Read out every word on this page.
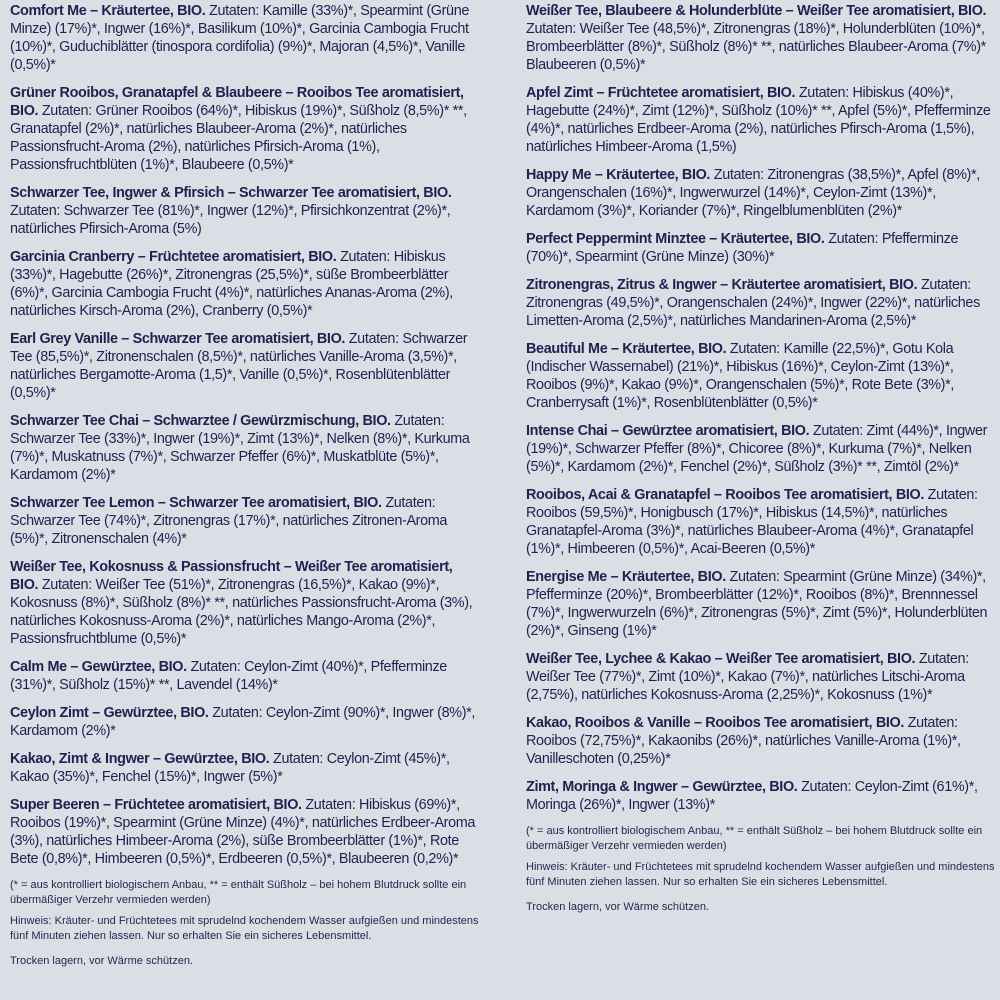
Comfort Me – Kräutertee, BIO. Zutaten: Kamille (33%)*, Spearmint (Grüne Minze) (17%)*, Ingwer (16%)*, Basilikum (10%)*, Garcinia Cambogia Frucht (10%)*, Guduchiblätter (tinospora cordifolia) (9%)*, Majoran (4,5%)*, Vanille (0,5%)*

Grüner Rooibos, Granatapfel & Blaubeere – Rooibos Tee aromatisiert, BIO. Zutaten: Grüner Rooibos (64%)*, Hibiskus (19%)*, Süßholz (8,5%)* **, Granatapfel (2%)*, natürliches Blaubeer-Aroma (2%)*, natürliches Passionsfrucht-Aroma (2%), natürliches Pfirsich-Aroma (1%), Passionsfruchtblüten (1%)*, Blaubeere (0,5%)*

Schwarzer Tee, Ingwer & Pfirsich – Schwarzer Tee aromatisiert, BIO. Zutaten: Schwarzer Tee (81%)*, Ingwer (12%)*, Pfirsichkonzentrat (2%)*, natürliches Pfirsich-Aroma (5%)

Garcinia Cranberry – Früchtetee aromatisiert, BIO. Zutaten: Hibiskus (33%)*, Hagebutte (26%)*, Zitronengras (25,5%)*, süße Brombeerblätter (6%)*, Garcinia Cambogia Frucht (4%)*, natürliches Ananas-Aroma (2%), natürliches Kirsch-Aroma (2%), Cranberry (0,5%)*

Earl Grey Vanille – Schwarzer Tee aromatisiert, BIO. Zutaten: Schwarzer Tee (85,5%)*, Zitronenschalen (8,5%)*, natürliches Vanille-Aroma (3,5%)*, natürliches Bergamotte-Aroma (1,5)*, Vanille (0,5%)*, Rosenblütenblätter (0,5%)*

Schwarzer Tee Chai – Schwarztee / Gewürzmischung, BIO. Zutaten: Schwarzer Tee (33%)*, Ingwer (19%)*, Zimt (13%)*, Nelken (8%)*, Kurkuma (7%)*, Muskatnuss (7%)*, Schwarzer Pfeffer (6%)*, Muskatblüte (5%)*, Kardamom (2%)*

Schwarzer Tee Lemon – Schwarzer Tee aromatisiert, BIO. Zutaten: Schwarzer Tee (74%)*, Zitronengras (17%)*, natürliches Zitronen-Aroma (5%)*, Zitronenschalen (4%)*

Weißer Tee, Kokosnuss & Passionsfrucht – Weißer Tee aromatisiert, BIO. Zutaten: Weißer Tee (51%)*, Zitronengras (16,5%)*, Kakao (9%)*, Kokosnuss (8%)*, Süßholz (8%)* **, natürliches Passionsfrucht-Aroma (3%), natürliches Kokosnuss-Aroma (2%)*, natürliches Mango-Aroma (2%)*, Passionsfruchtblume (0,5%)*

Calm Me – Gewürztee, BIO. Zutaten: Ceylon-Zimt (40%)*, Pfefferminze (31%)*, Süßholz (15%)* **, Lavendel (14%)*

Ceylon Zimt – Gewürztee, BIO. Zutaten: Ceylon-Zimt (90%)*, Ingwer (8%)*, Kardamom (2%)*

Kakao, Zimt & Ingwer – Gewürztee, BIO. Zutaten: Ceylon-Zimt (45%)*, Kakao (35%)*, Fenchel (15%)*, Ingwer (5%)*

Super Beeren – Früchtetee aromatisiert, BIO. Zutaten: Hibiskus (69%)*, Rooibos (19%)*, Spearmint (Grüne Minze) (4%)*, natürliches Erdbeer-Aroma (3%), natürliches Himbeer-Aroma (2%), süße Brombeerblätter (1%)*, Rote Bete (0,8%)*, Himbeeren (0,5%)*, Erdbeeren (0,5%)*, Blaubeeren (0,2%)*

(* = aus kontrolliert biologischem Anbau, ** = enthält Süßholz – bei hohem Blutdruck sollte ein übermäßiger Verzehr vermieden werden)

Hinweis: Kräuter- und Früchtetees mit sprudelnd kochendem Wasser aufgießen und mindestens fünf Minuten ziehen lassen. Nur so erhalten Sie ein sicheres Lebensmittel.

Trocken lagern, vor Wärme schützen.

Weißer Tee, Blaubeere & Holunderblüte – Weißer Tee aromatisiert, BIO. Zutaten: Weißer Tee (48,5%)*, Zitronengras (18%)*, Holunderblüten (10%)*, Brombeerblätter (8%)*, Süßholz (8%)* **, natürliches Blaubeer-Aroma (7%)* Blaubeeren (0,5%)*

Apfel Zimt – Früchtetee aromatisiert, BIO. Zutaten: Hibiskus (40%)*, Hagebutte (24%)*, Zimt (12%)*, Süßholz (10%)* **, Apfel (5%)*, Pfefferminze (4%)*, natürliches Erdbeer-Aroma (2%), natürliches Pfirsch-Aroma (1,5%), natürliches Himbeer-Aroma (1,5%)

Happy Me – Kräutertee, BIO. Zutaten: Zitronengras (38,5%)*, Apfel (8%)*, Orangenschalen (16%)*, Ingwerwurzel (14%)*, Ceylon-Zimt (13%)*, Kardamom (3%)*, Koriander (7%)*, Ringelblumenblüten (2%)*

Perfect Peppermint Minztee – Kräutertee, BIO. Zutaten: Pfefferminze (70%)*, Spearmint (Grüne Minze) (30%)*

Zitronengras, Zitrus & Ingwer – Kräutertee aromatisiert, BIO. Zutaten: Zitronengras (49,5%)*, Orangenschalen (24%)*, Ingwer (22%)*, natürliches Limetten-Aroma (2,5%)*, natürliches Mandarinen-Aroma (2,5%)*

Beautiful Me – Kräutertee, BIO. Zutaten: Kamille (22,5%)*, Gotu Kola (Indischer Wassernabel) (21%)*, Hibiskus (16%)*, Ceylon-Zimt (13%)*, Rooibos (9%)*, Kakao (9%)*, Orangenschalen (5%)*, Rote Bete (3%)*, Cranberrysaft (1%)*, Rosenblütenblätter (0,5%)*

Intense Chai – Gewürztee aromatisiert, BIO. Zutaten: Zimt (44%)*, Ingwer (19%)*, Schwarzer Pfeffer (8%)*, Chicoree (8%)*, Kurkuma (7%)*, Nelken (5%)*, Kardamom (2%)*, Fenchel (2%)*, Süßholz (3%)* **, Zimtöl (2%)*

Rooibos, Acai & Granatapfel – Rooibos Tee aromatisiert, BIO. Zutaten: Rooibos (59,5%)*, Honigbusch (17%)*, Hibiskus (14,5%)*, natürliches Granatapfel-Aroma (3%)*, natürliches Blaubeer-Aroma (4%)*, Granatapfel (1%)*, Himbeeren (0,5%)*, Acai-Beeren (0,5%)*

Energise Me – Kräutertee, BIO. Zutaten: Spearmint (Grüne Minze) (34%)*, Pfefferminze (20%)*, Brombeerblätter (12%)*, Rooibos (8%)*, Brennnessel (7%)*, Ingwerwurzeln (6%)*, Zitronengras (5%)*, Zimt (5%)*, Holunderblüten (2%)*, Ginseng (1%)*

Weißer Tee, Lychee & Kakao – Weißer Tee aromatisiert, BIO. Zutaten: Weißer Tee (77%)*, Zimt (10%)*, Kakao (7%)*, natürliches Litschi-Aroma (2,75%), natürliches Kokosnuss-Aroma (2,25%)*, Kokosnuss (1%)*

Kakao, Rooibos & Vanille – Rooibos Tee aromatisiert, BIO. Zutaten: Rooibos (72,75%)*, Kakaonibs (26%)*, natürliches Vanille-Aroma (1%)*, Vanilleschoten (0,25%)*

Zimt, Moringa & Ingwer – Gewürztee, BIO. Zutaten: Ceylon-Zimt (61%)*, Moringa (26%)*, Ingwer (13%)*

(* = aus kontrolliert biologischem Anbau, ** = enthält Süßholz – bei hohem Blutdruck sollte ein übermäßiger Verzehr vermieden werden)

Hinweis: Kräuter- und Früchtetees mit sprudelnd kochendem Wasser aufgießen und mindestens fünf Minuten ziehen lassen. Nur so erhalten Sie ein sicheres Lebensmittel.

Trocken lagern, vor Wärme schützen.
